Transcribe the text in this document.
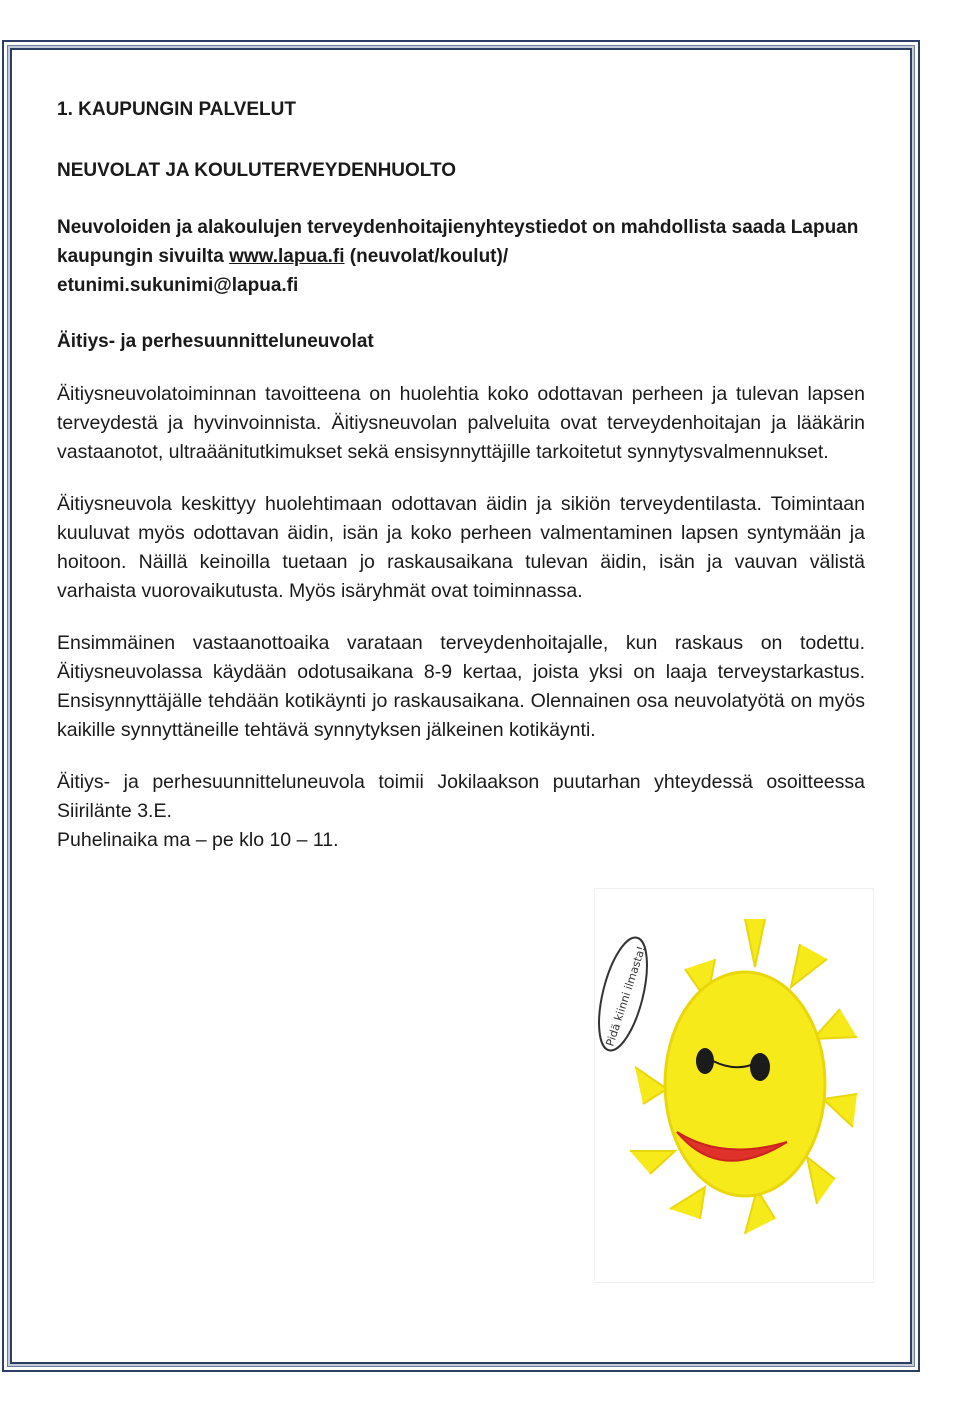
1. KAUPUNGIN PALVELUT
NEUVOLAT JA KOULUTERVEYDENHUOLTO
Neuvoloiden ja alakoulujen terveydenhoitajienyhteystiedot on mahdollista saada Lapuan kaupungin sivuilta www.lapua.fi (neuvolat/koulut)/
etunimi.sukunimi@lapua.fi
Äitiys- ja perhesuunnitteluneuvolat

Äitiysneuvolatoiminnan tavoitteena on huolehtia koko odottavan perheen ja tulevan lapsen terveydestä ja hyvinvoinnista. Äitiysneuvolan palveluita ovat terveydenhoitajan ja lääkärin vastaanotot, ultraäänitutkimukset sekä ensisynnyttäjille tarkoitetut synnytysvalmennukset.

Äitiysneuvola keskittyy huolehtimaan odottavan äidin ja sikiön terveydentilasta. Toimintaan kuuluvat myös odottavan äidin, isän ja koko perheen valmentaminen lapsen syntymään ja hoitoon. Näillä keinoilla tuetaan jo raskausaikana tulevan äidin, isän ja vauvan välistä varhaista vuorovaikutusta. Myös isäryhmät ovat toiminnassa.

Ensimmäinen vastaanottoaika varataan terveydenhoitajalle, kun raskaus on todettu. Äitiysneuvolassa käydään odotusaikana 8-9 kertaa, joista yksi on laaja terveystarkastus. Ensisynnyttäjälle tehdään kotikäynti jo raskausaikana. Olennainen osa neuvolatyötä on myös kaikille synnyttäneille tehtävä synnytyksen jälkeinen kotikäynti.

Äitiys- ja perhesuunnitteluneuvola toimii Jokilaakson puutarhan yhteydessä osoitteessa Siirilänte 3.E.

Puhelinaika ma – pe klo 10 – 11.

Pidä kiinni ilmasta!
